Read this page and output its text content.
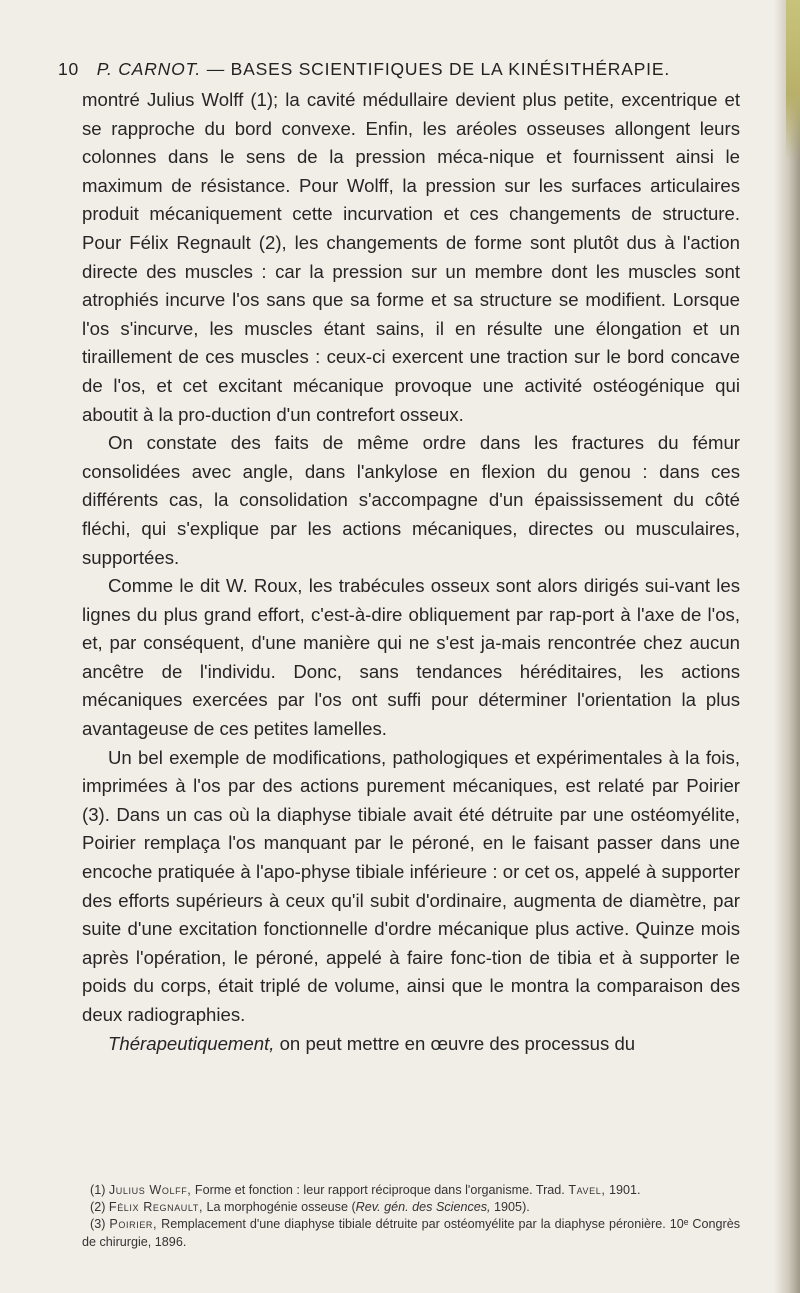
10 P. CARNOT. — BASES SCIENTIFIQUES DE LA KINÉSITHÉRAPIE.

montré Julius Wolff (1); la cavité médullaire devient plus petite, excentrique et se rapproche du bord convexe. Enfin, les aréoles osseuses allongent leurs colonnes dans le sens de la pression méca-nique et fournissent ainsi le maximum de résistance. Pour Wolff, la pression sur les surfaces articulaires produit mécaniquement cette incurvation et ces changements de structure. Pour Félix Regnault (2), les changements de forme sont plutôt dus à l'action directe des muscles : car la pression sur un membre dont les muscles sont atrophiés incurve l'os sans que sa forme et sa structure se modifient. Lorsque l'os s'incurve, les muscles étant sains, il en résulte une élongation et un tiraillement de ces muscles : ceux-ci exercent une traction sur le bord concave de l'os, et cet excitant mécanique provoque une activité ostéogénique qui aboutit à la pro-duction d'un contrefort osseux.

On constate des faits de même ordre dans les fractures du fémur consolidées avec angle, dans l'ankylose en flexion du genou : dans ces différents cas, la consolidation s'accompagne d'un épaississement du côté fléchi, qui s'explique par les actions mécaniques, directes ou musculaires, supportées.

Comme le dit W. Roux, les trabécules osseux sont alors dirigés sui-vant les lignes du plus grand effort, c'est-à-dire obliquement par rap-port à l'axe de l'os, et, par conséquent, d'une manière qui ne s'est ja-mais rencontrée chez aucun ancêtre de l'individu. Donc, sans tendances héréditaires, les actions mécaniques exercées par l'os ont suffi pour déterminer l'orientation la plus avantageuse de ces petites lamelles.

Un bel exemple de modifications, pathologiques et expérimentales à la fois, imprimées à l'os par des actions purement mécaniques, est relaté par Poirier (3). Dans un cas où la diaphyse tibiale avait été détruite par une ostéomyélite, Poirier remplaça l'os manquant par le péroné, en le faisant passer dans une encoche pratiquée à l'apo-physe tibiale inférieure : or cet os, appelé à supporter des efforts supérieurs à ceux qu'il subit d'ordinaire, augmenta de diamètre, par suite d'une excitation fonctionnelle d'ordre mécanique plus active. Quinze mois après l'opération, le péroné, appelé à faire fonc-tion de tibia et à supporter le poids du corps, était triplé de volume, ainsi que le montra la comparaison des deux radiographies.

Thérapeutiquement, on peut mettre en œuvre des processus du

(1) Julius Wolff, Forme et fonction : leur rapport réciproque dans l'organisme. Trad. Tavel, 1901.

(2) Félix Regnault, La morphogénie osseuse (Rev. gén. des Sciences, 1905).

(3) Poirier, Remplacement d'une diaphyse tibiale détruite par ostéomyélite par la diaphyse péronière. 10ᵉ Congrès de chirurgie, 1896.
